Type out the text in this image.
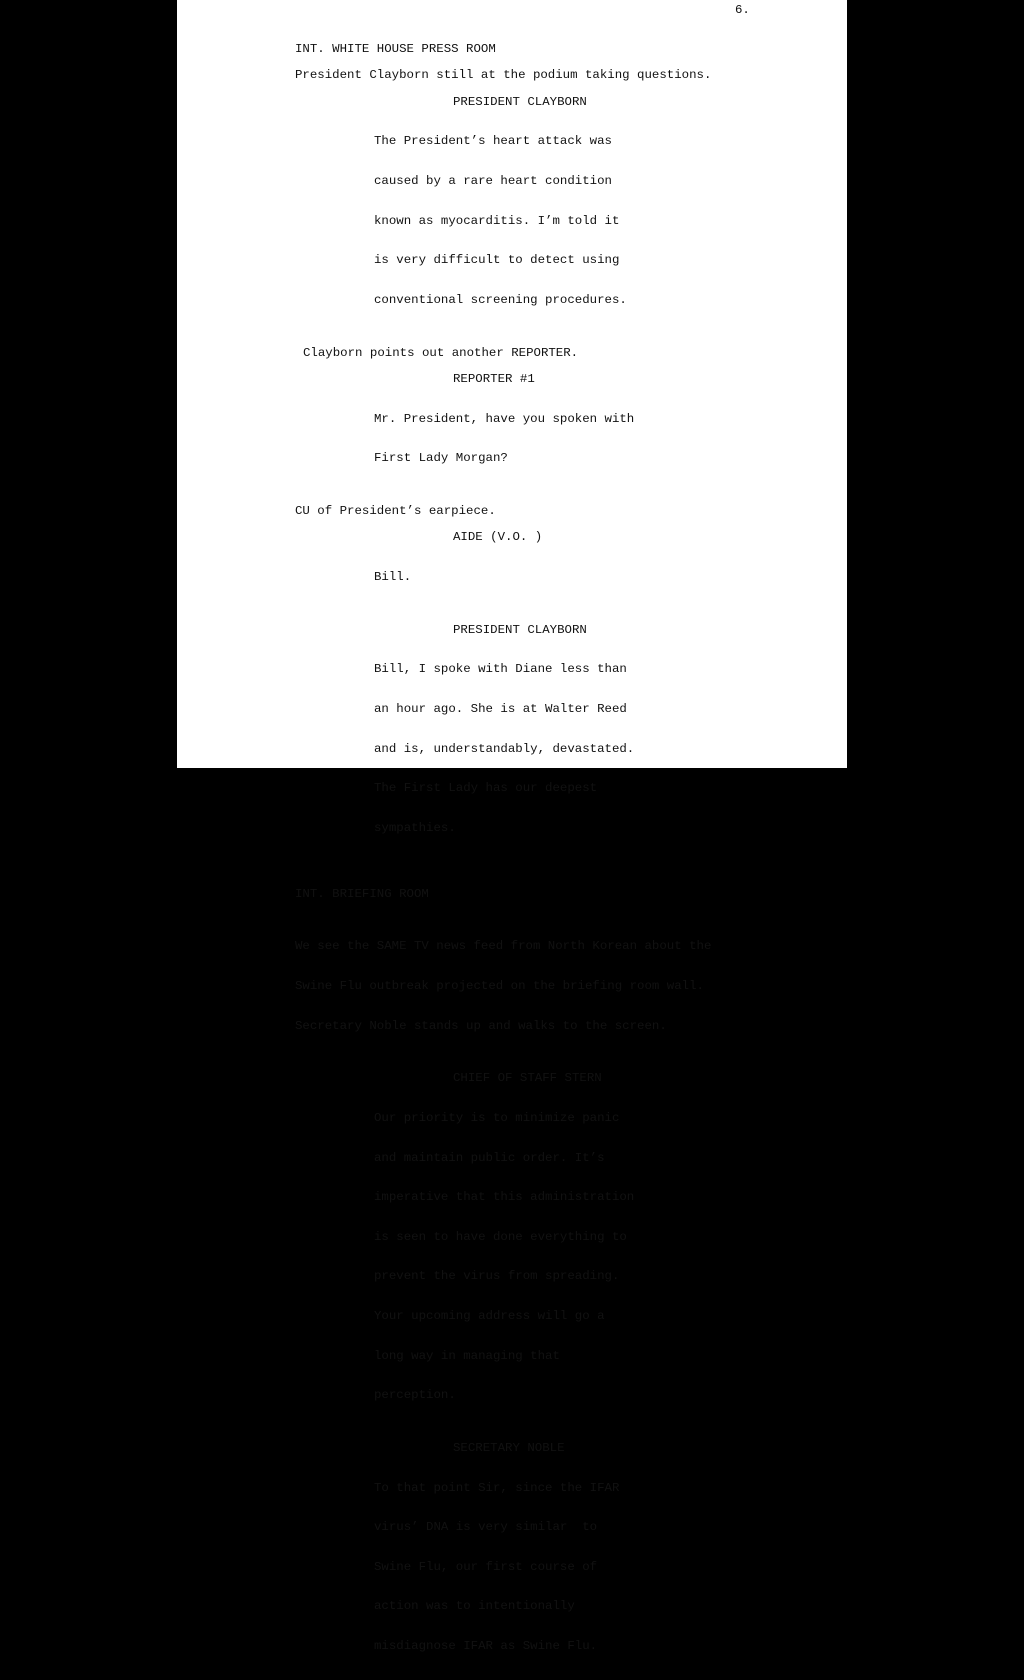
6.
INT. WHITE HOUSE PRESS ROOM
President Clayborn still at the podium taking questions.
PRESIDENT CLAYBORN

The President’s heart attack was

caused by a rare heart condition

known as myocarditis. I’m told it

is very difficult to detect using

conventional screening procedures.

Clayborn points out another REPORTER.
REPORTER #1

Mr. President, have you spoken with

First Lady Morgan?

CU of President’s earpiece.
AIDE (V.O. )

Bill.

PRESIDENT CLAYBORN

Bill, I spoke with Diane less than

an hour ago. She is at Walter Reed

and is, understandably, devastated.

The First Lady has our deepest

sympathies.

INT. BRIEFING ROOM

We see the SAME TV news feed from North Korean about the

Swine Flu outbreak projected on the briefing room wall.

Secretary Noble stands up and walks to the screen.

CHIEF OF STAFF STERN

Our priority is to minimize panic

and maintain public order. It’s

imperative that this administration

is seen to have done everything to

prevent the virus from spreading.

Your upcoming address will go a

long way in managing that

perception.

SECRETARY NOBLE

To that point Sir, since the IFAR

virus’ DNA is very similar  to

Swine Flu, our first course of

action was to intentionally

misdiagnose IFAR as Swine Flu.
